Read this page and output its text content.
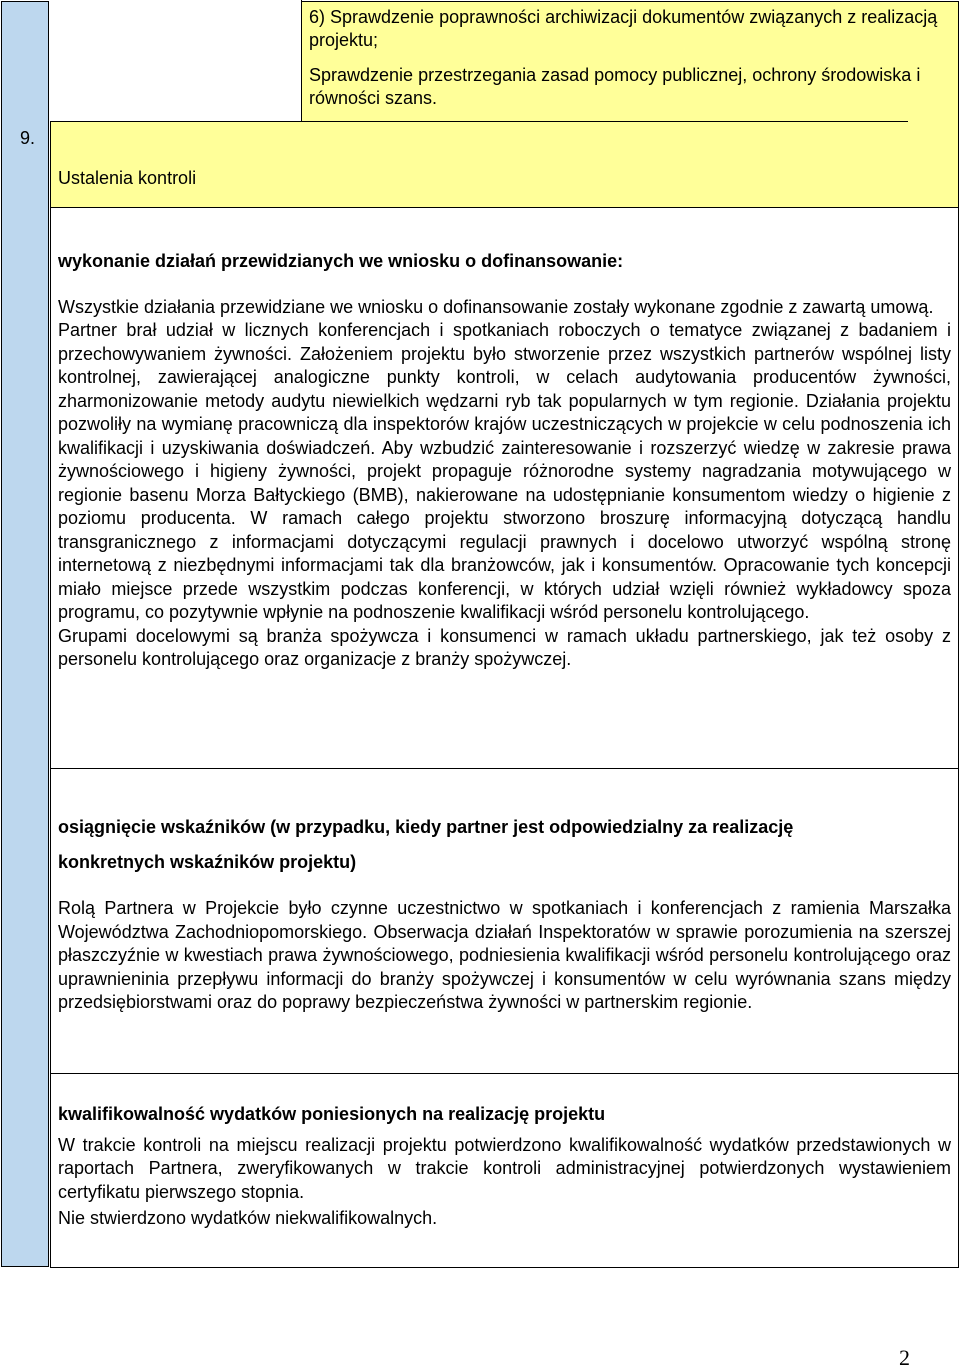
9.

6) Sprawdzenie poprawności archiwizacji dokumentów związanych z realizacją projektu;

Sprawdzenie przestrzegania zasad pomocy publicznej, ochrony środowiska i równości szans.

Ustalenia kontroli

wykonanie działań przewidzianych we wniosku o dofinansowanie:

Wszystkie działania przewidziane we wniosku o dofinansowanie zostały wykonane zgodnie z zawartą umową.

Partner brał udział w licznych konferencjach i spotkaniach roboczych o tematyce związanej z badaniem i przechowywaniem żywności. Założeniem projektu było stworzenie przez wszystkich partnerów wspólnej listy kontrolnej, zawierającej analogiczne punkty kontroli, w celach audytowania producentów żywności, zharmonizowanie metody audytu niewielkich wędzarni ryb tak popularnych w tym regionie. Działania projektu pozwoliły na wymianę pracowniczą dla inspektorów krajów uczestniczących w projekcie w celu podnoszenia ich kwalifikacji i uzyskiwania doświadczeń. Aby wzbudzić zainteresowanie i rozszerzyć wiedzę w zakresie prawa żywnościowego i higieny żywności, projekt propaguje różnorodne systemy nagradzania motywującego w regionie basenu Morza Bałtyckiego (BMB), nakierowane na udostępnianie konsumentom wiedzy o higienie z poziomu producenta. W ramach całego projektu stworzono broszurę informacyjną dotyczącą handlu transgranicznego z informacjami dotyczącymi regulacji prawnych i docelowo utworzyć wspólną stronę internetową z niezbędnymi informacjami tak dla branżowców, jak i konsumentów. Opracowanie tych koncepcji miało miejsce przede wszystkim podczas konferencji, w których udział wzięli również wykładowcy spoza programu, co pozytywnie wpłynie na podnoszenie kwalifikacji wśród personelu kontrolującego.

Grupami docelowymi są branża spożywcza i konsumenci w ramach układu partnerskiego, jak też osoby z personelu kontrolującego oraz organizacje z branży spożywczej.

osiągnięcie wskaźników (w przypadku, kiedy partner jest odpowiedzialny za realizację

konkretnych wskaźników projektu)

Rolą Partnera w Projekcie było czynne uczestnictwo w spotkaniach i konferencjach z ramienia Marszałka Województwa Zachodniopomorskiego. Obserwacja działań Inspektoratów w sprawie porozumienia na szerszej płaszczyźnie w kwestiach prawa żywnościowego, podniesienia kwalifikacji wśród personelu kontrolującego oraz uprawnieninia przepływu informacji do branży spożywczej i konsumentów w celu wyrównania szans między przedsiębiorstwami oraz do poprawy bezpieczeństwa żywności w partnerskim regionie.

kwalifikowalność wydatków poniesionych na realizację projektu

W trakcie kontroli na miejscu realizacji projektu potwierdzono kwalifikowalność wydatków przedstawionych w raportach Partnera, zweryfikowanych w trakcie kontroli administracyjnej potwierdzonych wystawieniem certyfikatu pierwszego stopnia.

Nie stwierdzono wydatków niekwalifikowalnych.

2
